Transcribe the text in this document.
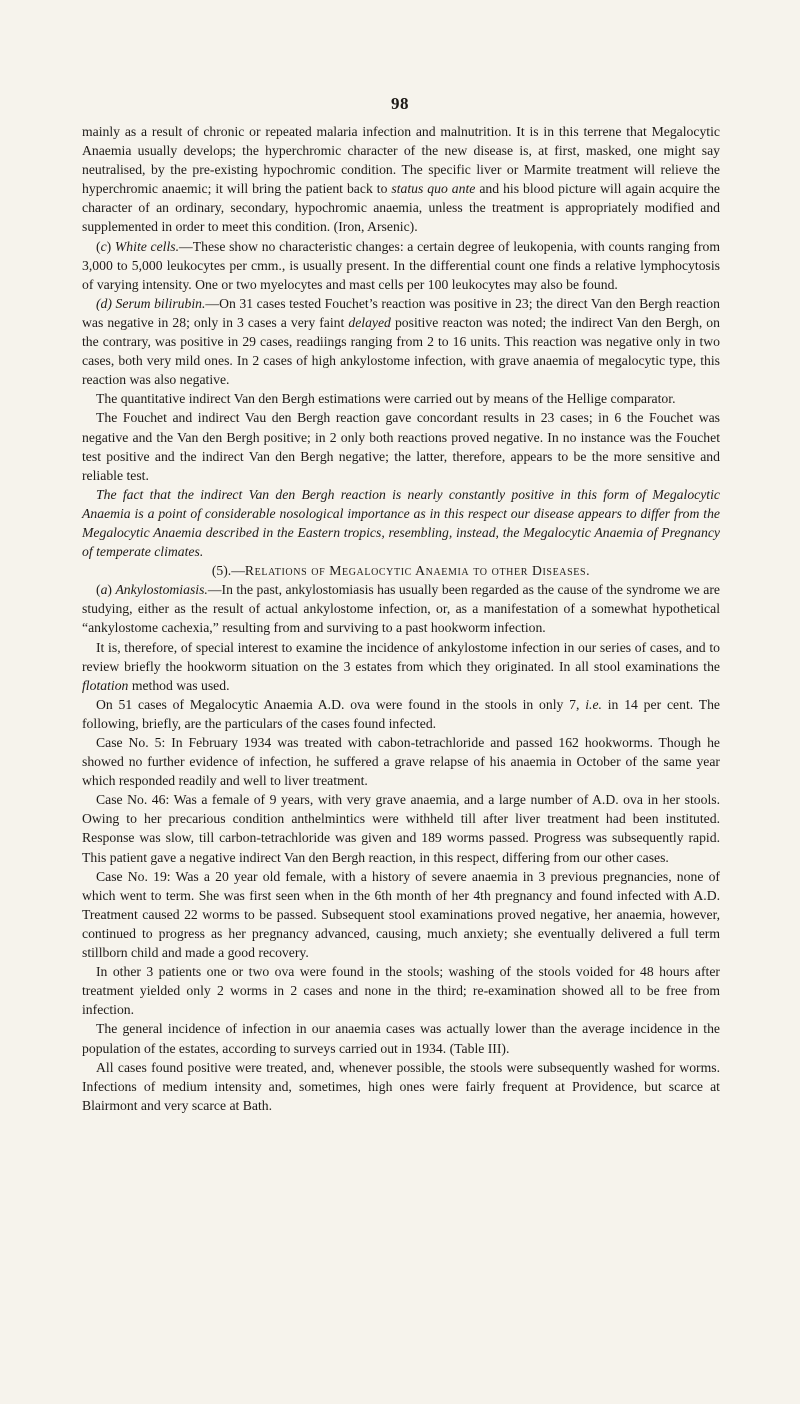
98

mainly as a result of chronic or repeated malaria infection and malnutrition. It is in this terrene that Megalocytic Anaemia usually develops; the hyperchromic character of the new disease is, at first, masked, one might say neutralised, by the pre-existing hypochromic condition. The specific liver or Marmite treatment will relieve the hyperchromic anaemic; it will bring the patient back to status quo ante and his blood picture will again acquire the character of an ordinary, secondary, hypochromic anaemia, unless the treatment is appropriately modified and supplemented in order to meet this condition. (Iron, Arsenic).

(c) White cells.—These show no characteristic changes: a certain degree of leukopenia, with counts ranging from 3,000 to 5,000 leukocytes per cmm., is usually present. In the differential count one finds a relative lymphocytosis of varying intensity. One or two myelocytes and mast cells per 100 leukocytes may also be found.

(d) Serum bilirubin.—On 31 cases tested Fouchet’s reaction was positive in 23; the direct Van den Bergh reaction was negative in 28; only in 3 cases a very faint delayed positive reacton was noted; the indirect Van den Bergh, on the contrary, was positive in 29 cases, readiings ranging from 2 to 16 units. This reaction was negative only in two cases, both very mild ones. In 2 cases of high ankylostome infection, with grave anaemia of megalocytic type, this reaction was also negative.

The quantitative indirect Van den Bergh estimations were carried out by means of the Hellige comparator.

The Fouchet and indirect Vau den Bergh reaction gave concordant results in 23 cases; in 6 the Fouchet was negative and the Van den Bergh positive; in 2 only both reactions proved negative. In no instance was the Fouchet test positive and the indirect Van den Bergh negative; the latter, therefore, appears to be the more sensitive and reliable test.

The fact that the indirect Van den Bergh reaction is nearly constantly positive in this form of Megalocytic Anaemia is a point of considerable nosological importance as in this respect our disease appears to differ from the Megalocytic Anaemia described in the Eastern tropics, resembling, instead, the Megalocytic Anaemia of Pregnancy of temperate climates.

(5).—Relations of Megalocytic Anaemia to other Diseases.

(a) Ankylostomiasis.—In the past, ankylostomiasis has usually been regarded as the cause of the syndrome we are studying, either as the result of actual ankylostome infection, or, as a manifestation of a somewhat hypothetical “ankylostome cachexia,” resulting from and surviving to a past hookworm infection.

It is, therefore, of special interest to examine the incidence of ankylostome infection in our series of cases, and to review briefly the hookworm situation on the 3 estates from which they originated. In all stool examinations the flotation method was used.

On 51 cases of Megalocytic Anaemia A.D. ova were found in the stools in only 7, i.e. in 14 per cent. The following, briefly, are the particulars of the cases found infected.

Case No. 5: In February 1934 was treated with cabon-tetrachloride and passed 162 hookworms. Though he showed no further evidence of infection, he suffered a grave relapse of his anaemia in October of the same year which responded readily and well to liver treatment.

Case No. 46: Was a female of 9 years, with very grave anaemia, and a large number of A.D. ova in her stools. Owing to her precarious condition anthelmintics were withheld till after liver treatment had been instituted. Response was slow, till carbon-tetrachloride was given and 189 worms passed. Progress was subsequently rapid. This patient gave a negative indirect Van den Bergh reaction, in this respect, differing from our other cases.

Case No. 19: Was a 20 year old female, with a history of severe anaemia in 3 previous pregnancies, none of which went to term. She was first seen when in the 6th month of her 4th pregnancy and found infected with A.D. Treatment caused 22 worms to be passed. Subsequent stool examinations proved negative, her anaemia, however, continued to progress as her pregnancy advanced, causing, much anxiety; she eventually delivered a full term stillborn child and made a good recovery.

In other 3 patients one or two ova were found in the stools; washing of the stools voided for 48 hours after treatment yielded only 2 worms in 2 cases and none in the third; re-examination showed all to be free from infection.

The general incidence of infection in our anaemia cases was actually lower than the average incidence in the population of the estates, according to surveys carried out in 1934. (Table III).

All cases found positive were treated, and, whenever possible, the stools were subsequently washed for worms. Infections of medium intensity and, sometimes, high ones were fairly frequent at Providence, but scarce at Blairmont and very scarce at Bath.
